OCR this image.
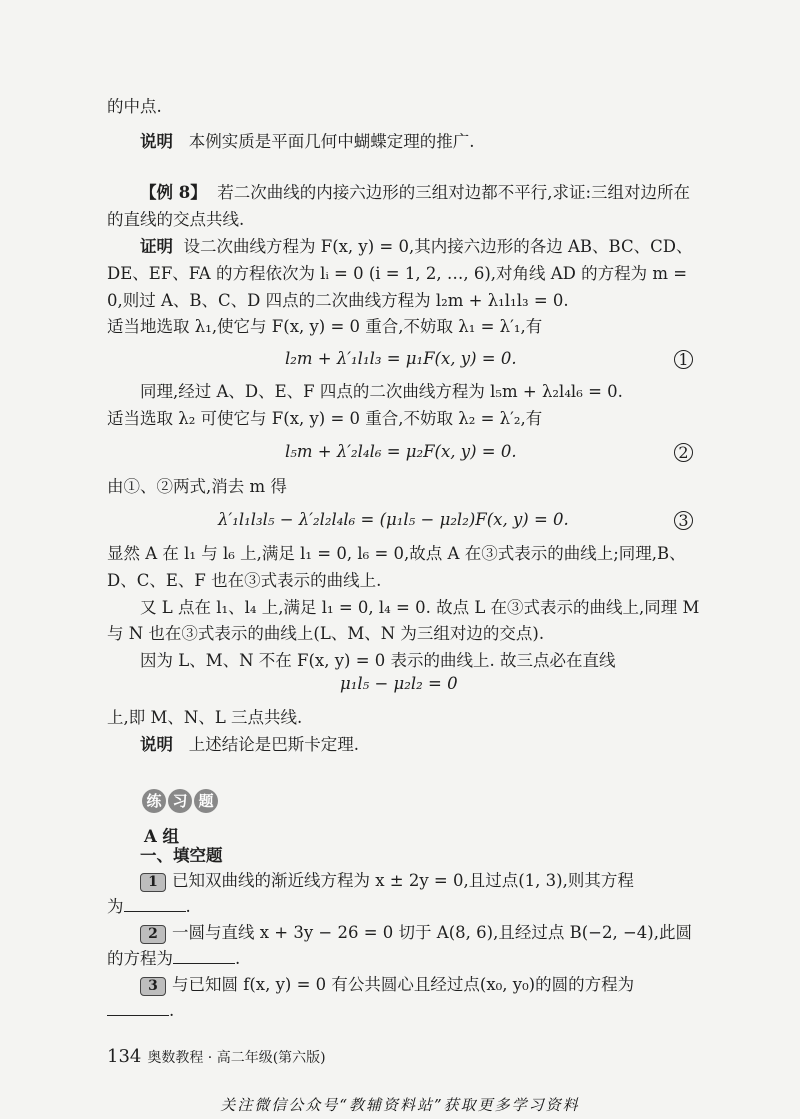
的中点.
说明 本例实质是平面几何中蝴蝶定理的推广.
【例 8】 若二次曲线的内接六边形的三组对边都不平行,求证:三组对边所在
的直线的交点共线.
证明 设二次曲线方程为 F(x, y) = 0,其内接六边形的各边 AB、BC、CD、
DE、EF、FA 的方程依次为 lᵢ = 0 (i = 1, 2, …, 6),对角线 AD 的方程为 m =
0,则过 A、B、C、D 四点的二次曲线方程为 l₂m + λ₁l₁l₃ = 0.
适当地选取 λ₁,使它与 F(x, y) = 0 重合,不妨取 λ₁ = λ′₁,有
l₂m + λ′₁l₁l₃ = μ₁F(x, y) = 0.	1
同理,经过 A、D、E、F 四点的二次曲线方程为 l₅m + λ₂l₄l₆ = 0.
适当选取 λ₂ 可使它与 F(x, y) = 0 重合,不妨取 λ₂ = λ′₂,有
l₅m + λ′₂l₄l₆ = μ₂F(x, y) = 0.	2
由①、②两式,消去 m 得
λ′₁l₁l₃l₅ − λ′₂l₂l₄l₆ = (μ₁l₅ − μ₂l₂)F(x, y) = 0.	3
显然 A 在 l₁ 与 l₆ 上,满足 l₁ = 0, l₆ = 0,故点 A 在③式表示的曲线上;同理,B、
D、C、E、F 也在③式表示的曲线上.
又 L 点在 l₁、l₄ 上,满足 l₁ = 0, l₄ = 0. 故点 L 在③式表示的曲线上,同理 M
与 N 也在③式表示的曲线上(L、M、N 为三组对边的交点).
因为 L、M、N 不在 F(x, y) = 0 表示的曲线上. 故三点必在直线
μ₁l₅ − μ₂l₂ = 0
上,即 M、N、L 三点共线.
说明 上述结论是巴斯卡定理.
练 习 题
A 组
一、填空题
1 已知双曲线的渐近线方程为 x ± 2y = 0,且过点(1, 3),则其方程
为	.
2 一圆与直线 x + 3y − 26 = 0 切于 A(8, 6),且经过点 B(−2, −4),此圆
的方程为	.
3 与已知圆 f(x, y) = 0 有公共圆心且经过点(x₀, y₀)的圆的方程为
.
134 奥数教程 · 高二年级(第六版)
关注微信公众号“教辅资料站”获取更多学习资料
